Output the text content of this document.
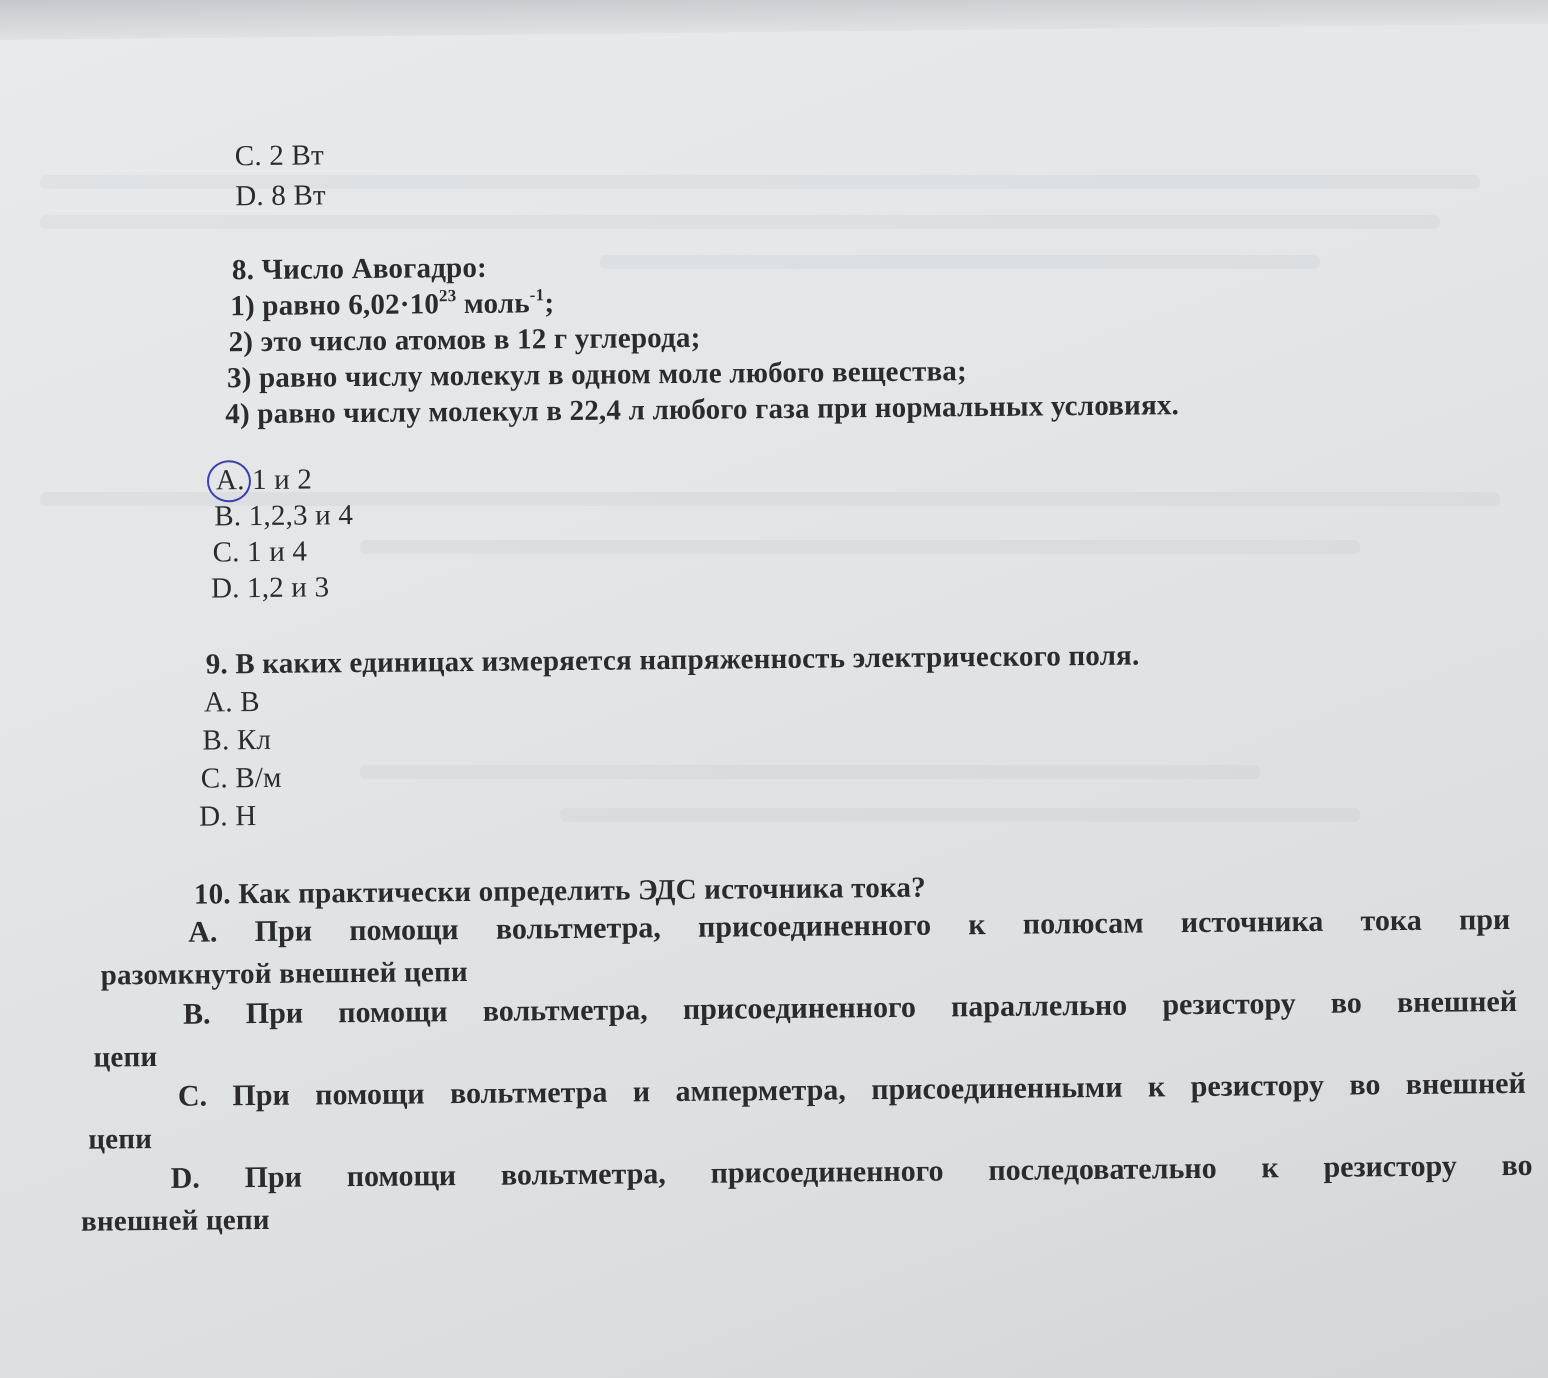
C. 2 Вт
D. 8 Вт
8. Число Авогадро:
1) равно $6,02\cdot 10^{23}$ моль$^{-1}$;
2) это число атомов в 12 г углерода;
3) равно числу молекул в одном моле любого вещества;
4) равно числу молекул в 22,4 л любого газа при нормальных условиях.
A. 1 и 2
B. 1,2,3 и 4
C. 1 и 4
D. 1,2 и 3
9. В каких единицах измеряется напряженность электрического поля.
A. В
B. Кл
C. В/м
D. Н
10. Как практически определить ЭДС источника тока?
А. При помощи вольтметра, присоединенного к полюсам источника тока при
разомкнутой внешней цепи
В. При помощи вольтметра, присоединенного параллельно резистору во внешней
цепи
С. При помощи вольтметра и амперметра, присоединенными к резистору во внешней
цепи
D. При помощи вольтметра, присоединенного последовательно к резистору во
внешней цепи
